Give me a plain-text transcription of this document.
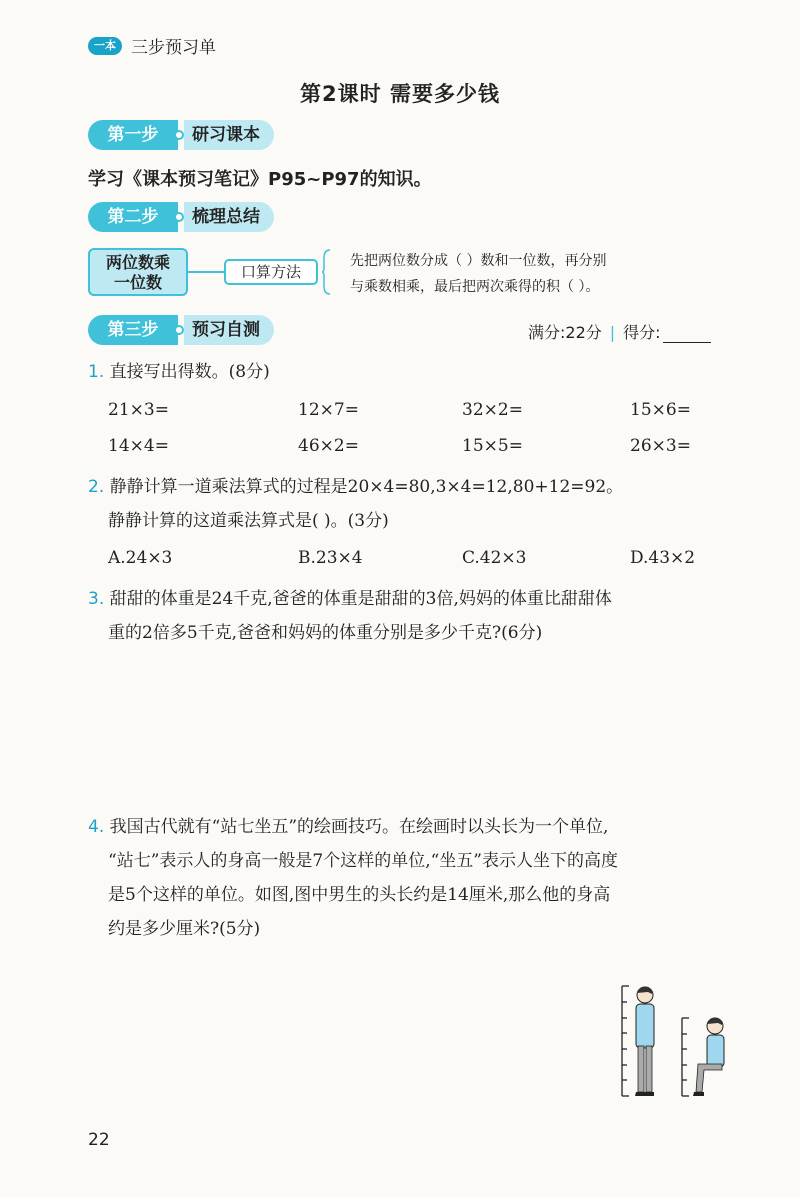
一本 三步预习单
第2课时 需要多少钱
第一步	研习课本
学习《课本预习笔记》P95~P97的知识。
第二步	梳理总结
两位数乘
一位数
口算方法
先把两位数分成（ ）数和一位数，再分别
与乘数相乘，最后把两次乘得的积（ ）。
第三步	预习自测	满分:22分 | 得分:
1. 直接写出得数。(8分)
21×3=	12×7=	32×2=	15×6=
14×4=	46×2=	15×5=	26×3=
2. 静静计算一道乘法算式的过程是20×4=80,3×4=12,80+12=92。
静静计算的这道乘法算式是( )。(3分)
A.24×3	B.23×4	C.42×3	D.43×2
3. 甜甜的体重是24千克,爸爸的体重是甜甜的3倍,妈妈的体重比甜甜体
重的2倍多5千克,爸爸和妈妈的体重分别是多少千克?(6分)
4. 我国古代就有“站七坐五”的绘画技巧。在绘画时以头长为一个单位,
“站七”表示人的身高一般是7个这样的单位,“坐五”表示人坐下的高度
是5个这样的单位。如图,图中男生的头长约是14厘米,那么他的身高
约是多少厘米?(5分)
22
